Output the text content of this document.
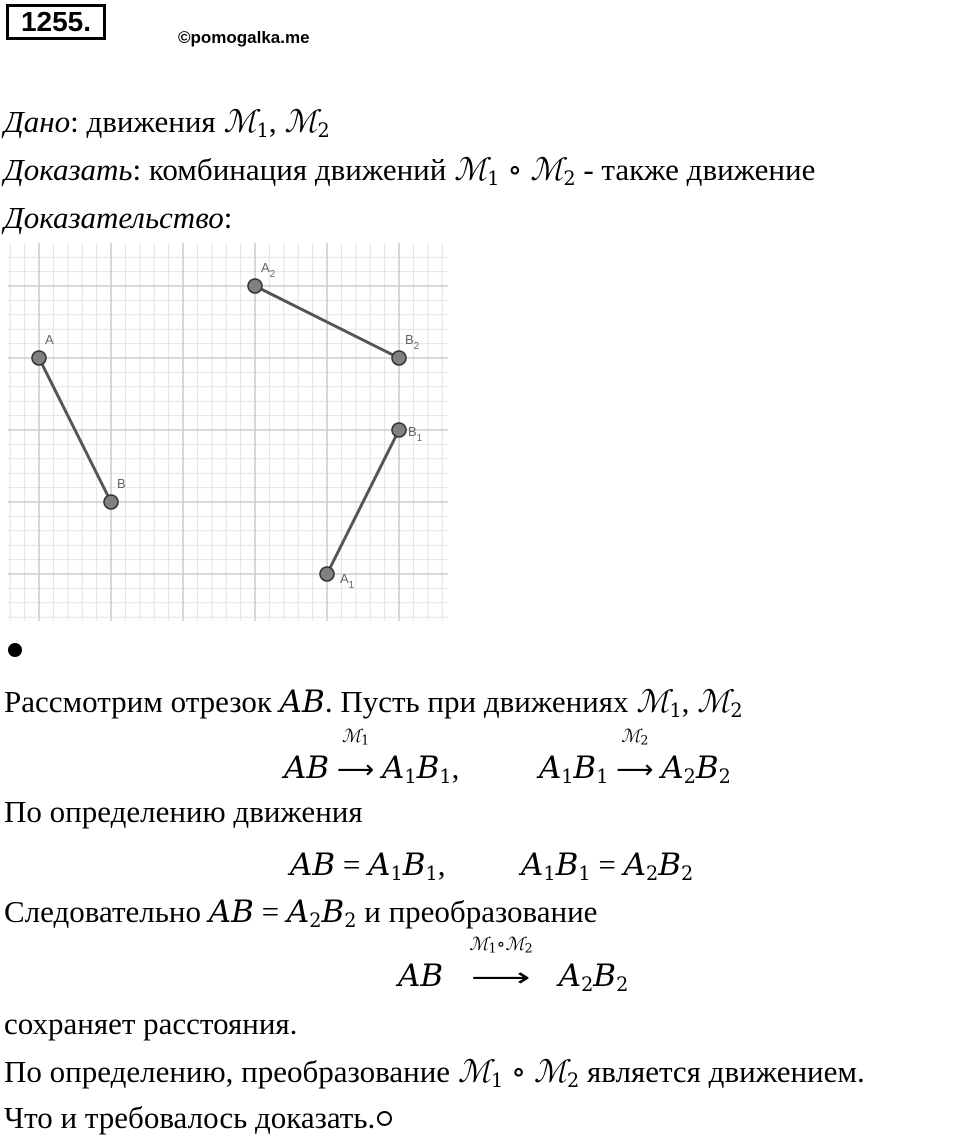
1255.
©pomogalka.me
Дано: движения ℳ$_1$, ℳ$_2$
Доказать: комбинация движений ℳ$_1$ ∘ ℳ$_2$ - также движение
Доказательство:
A
B
$A_1$
$B_1$
$A_2$
$B_2$
Рассмотрим отрезок AB. Пусть при движениях ℳ$_1$, ℳ$_2$
AB
ℳ$_1$
⟶ $A_1B_1$,	$A_1B_1$
ℳ$_2$
⟶ $A_2B_2$
По определению движения
AB = $A_1B_1$, $A_1B_1 = A_2B_2$
Следовательно AB = $A_2B_2$ и преобразование
AB
ℳ$_1$∘ℳ$_2$
⟶ $A_2B_2$
сохраняет расстояния.
По определению, преобразование ℳ$_1$ ∘ ℳ$_2$ является движением.
Что и требовалось доказать.
